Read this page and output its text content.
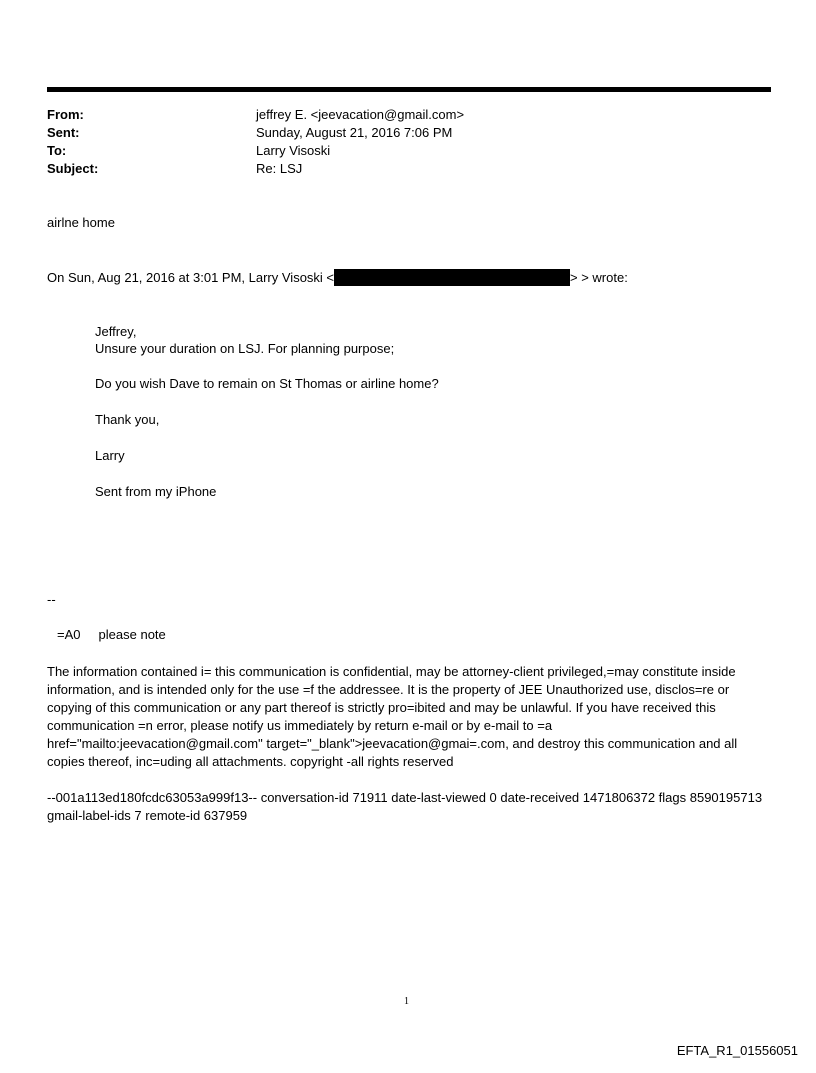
From:	jeffrey E. <jeevacation@gmail.com>
Sent:	Sunday, August 21, 2016 7:06 PM
To:	Larry Visoski
Subject:	Re: LSJ
airlne home
On Sun, Aug 21, 2016 at 3:01 PM, Larry Visoski <	> > wrote:
Jeffrey,
Unsure your duration on LSJ. For planning purpose;
Do you wish Dave to remain on St Thomas or airline home?
Thank you,
Larry
Sent from my iPhone
--
=A0     please note
The information contained i= this communication is confidential, may be attorney-client privileged,=may constitute inside information, and is intended only for the use =f the addressee. It is the property of JEE Unauthorized use, disclos=re or copying of this communication or any part thereof is strictly pro=ibited and may be unlawful. If you have received this communication =n error, please notify us immediately by return e-mail or by e-mail to =a href="mailto:jeevacation@gmail.com" target="_blank">jeevacation@gmai=.com, and destroy this communication and all copies thereof, inc=uding all attachments. copyright -all rights reserved
--001a113ed180fcdc63053a999f13-- conversation-id 71911 date-last-viewed 0 date-received 1471806372 flags 8590195713 gmail-label-ids 7 remote-id 637959
1
EFTA_R1_01556051
